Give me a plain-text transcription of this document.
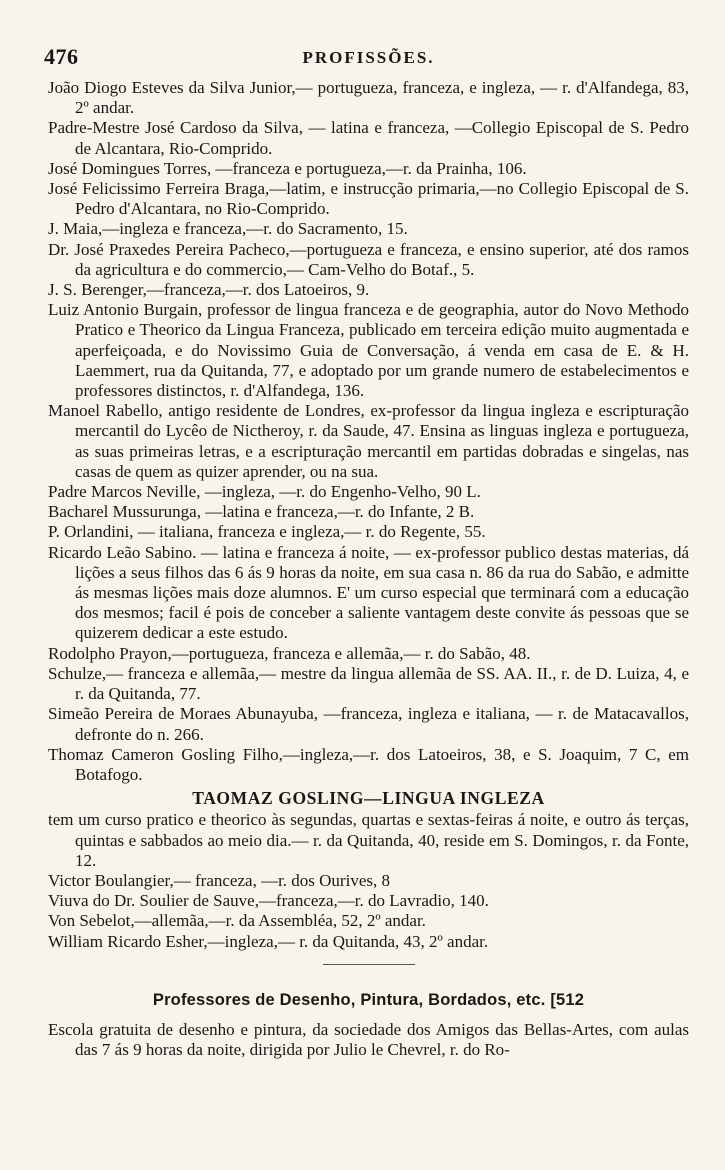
476	PROFISSÕES.

João Diogo Esteves da Silva Junior,— portugueza, franceza, e ingleza, — r. d'Alfandega, 83, 2º andar.

Padre-Mestre José Cardoso da Silva, — latina e franceza, —Collegio Episcopal de S. Pedro de Alcantara, Rio-Comprido.

José Domingues Torres, —franceza e portugueza,—r. da Prainha, 106.

José Felicissimo Ferreira Braga,—latim, e instrucção primaria,—no Collegio Episcopal de S. Pedro d'Alcantara, no Rio-Comprido.

J. Maia,—ingleza e franceza,—r. do Sacramento, 15.

Dr. José Praxedes Pereira Pacheco,—portugueza e franceza, e ensino superior, até dos ramos da agricultura e do commercio,— Cam-Velho do Botaf., 5.

J. S. Berenger,—franceza,—r. dos Latoeiros, 9.

Luiz Antonio Burgain, professor de lingua franceza e de geographia, autor do Novo Methodo Pratico e Theorico da Lingua Franceza, publicado em terceira edição muito augmentada e aperfeiçoada, e do Novissimo Guia de Conversação, á venda em casa de E. & H. Laemmert, rua da Quitanda, 77, e adoptado por um grande numero de estabelecimentos e professores distinctos, r. d'Alfandega, 136.

Manoel Rabello, antigo residente de Londres, ex-professor da lingua ingleza e escripturação mercantil do Lycêo de Nictheroy, r. da Saude, 47. Ensina as linguas ingleza e portugueza, as suas primeiras letras, e a escripturação mercantil em partidas dobradas e singelas, nas casas de quem as quizer aprender, ou na sua.

Padre Marcos Neville, —ingleza, —r. do Engenho-Velho, 90 L.

Bacharel Mussurunga, —latina e franceza,—r. do Infante, 2 B.

P. Orlandini, — italiana, franceza e ingleza,— r. do Regente, 55.

Ricardo Leão Sabino. — latina e franceza á noite, — ex-professor publico destas materias, dá lições a seus filhos das 6 ás 9 horas da noite, em sua casa n. 86 da rua do Sabão, e admitte ás mesmas lições mais doze alumnos. E' um curso especial que terminará com a educação dos mesmos; facil é pois de conceber a saliente vantagem deste convite ás pessoas que se quizerem dedicar a este estudo.

Rodolpho Prayon,—portugueza, franceza e allemãa,— r. do Sabão, 48.

Schulze,— franceza e allemãa,— mestre da lingua allemãa de SS. AA. II., r. de D. Luiza, 4, e r. da Quitanda, 77.

Simeão Pereira de Moraes Abunayuba, —franceza, ingleza e italiana, — r. de Matacavallos, defronte do n. 266.

Thomaz Cameron Gosling Filho,—ingleza,—r. dos Latoeiros, 38, e S. Joaquim, 7 C, em Botafogo.

TAOMAZ GOSLING—LINGUA INGLEZA

tem um curso pratico e theorico às segundas, quartas e sextas-feiras á noite, e outro ás terças, quintas e sabbados ao meio dia.— r. da Quitanda, 40, reside em S. Domingos, r. da Fonte, 12.

Victor Boulangier,— franceza, —r. dos Ourives, 8

Viuva do Dr. Soulier de Sauve,—franceza,—r. do Lavradio, 140.

Von Sebelot,—allemãa,—r. da Assembléa, 52, 2º andar.

William Ricardo Esher,—ingleza,— r. da Quitanda, 43, 2º andar.

Professores de Desenho, Pintura, Bordados, etc. [512

Escola gratuita de desenho e pintura, da sociedade dos Amigos das Bellas-Artes, com aulas das 7 ás 9 horas da noite, dirigida por Julio le Chevrel, r. do Ro-
